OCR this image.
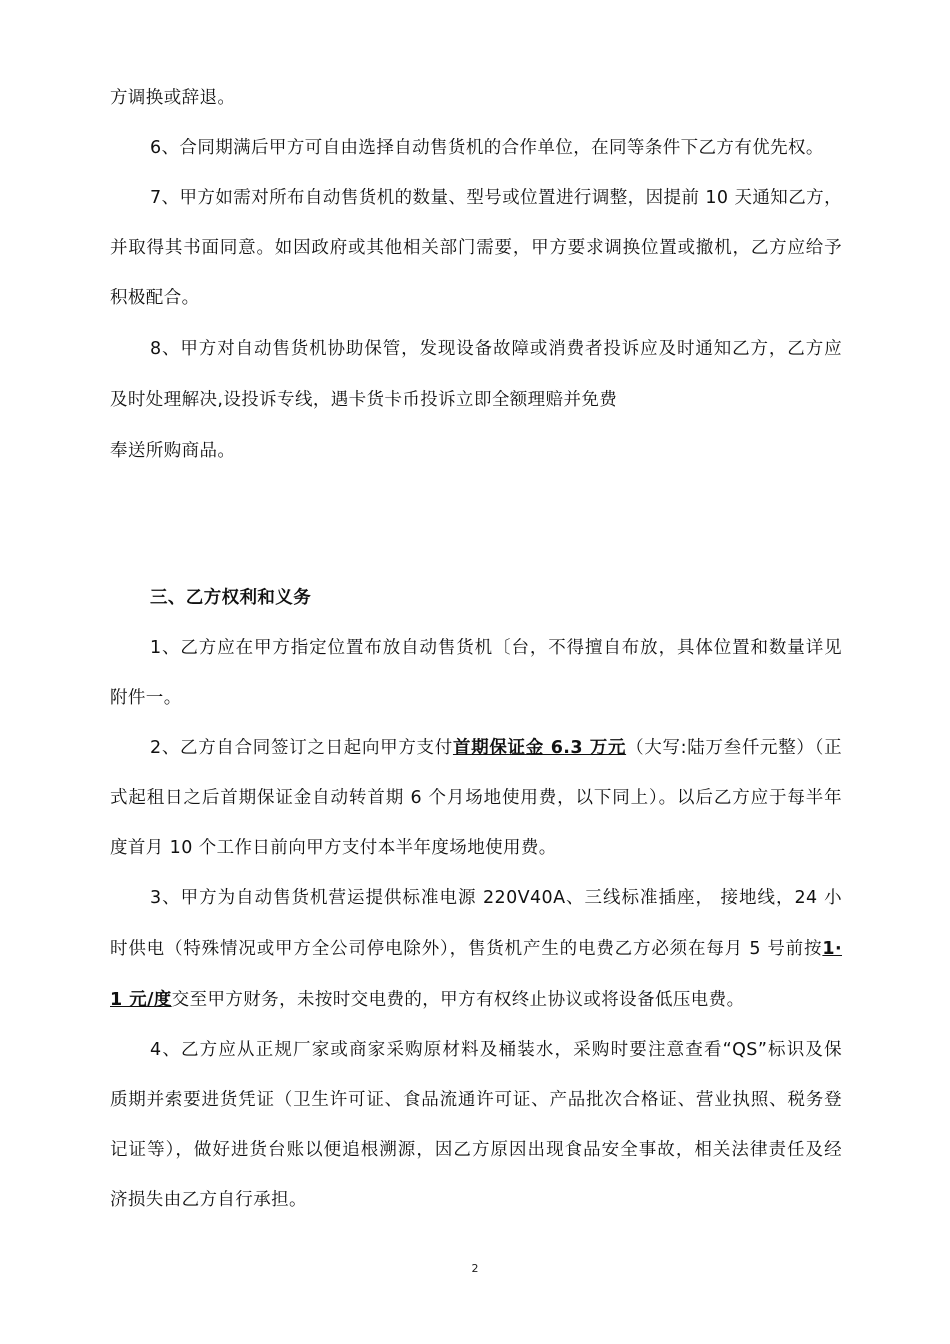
方调换或辞退。
6、合同期满后甲方可自由选择自动售货机的合作单位，在同等条件下乙方有优先权。
7、甲方如需对所布自动售货机的数量、型号或位置进行调整，因提前 10 天通知乙方，
并取得其书面同意。如因政府或其他相关部门需要，甲方要求调换位置或撤机，乙方应给予
积极配合。
8、甲方对自动售货机协助保管，发现设备故障或消费者投诉应及时通知乙方，乙方应
及时处理解决,设投诉专线，遇卡货卡币投诉立即全额理赔并免费
奉送所购商品。
三、乙方权利和义务
1、乙方应在甲方指定位置布放自动售货机〔台，不得擅自布放，具体位置和数量详见
附件一。
2、乙方自合同签订之日起向甲方支付首期保证金 6.3 万元（大写:陆万叁仟元整）（正
式起租日之后首期保证金自动转首期 6 个月场地使用费，以下同上）。以后乙方应于每半年
度首月 10 个工作日前向甲方支付本半年度场地使用费。
3、甲方为自动售货机营运提供标准电源 220V40A、三线标准插座， 接地线，24 小
时供电（特殊情况或甲方全公司停电除外），售货机产生的电费乙方必须在每月 5 号前按1·
1 元/度交至甲方财务，未按时交电费的，甲方有权终止协议或将设备低压电费。
4、乙方应从正规厂家或商家采购原材料及桶装水，采购时要注意查看“QS”标识及保
质期并索要进货凭证（卫生许可证、食品流通许可证、产品批次合格证、营业执照、税务登
记证等），做好进货台账以便追根溯源，因乙方原因出现食品安全事故，相关法律责任及经
济损失由乙方自行承担。
2
